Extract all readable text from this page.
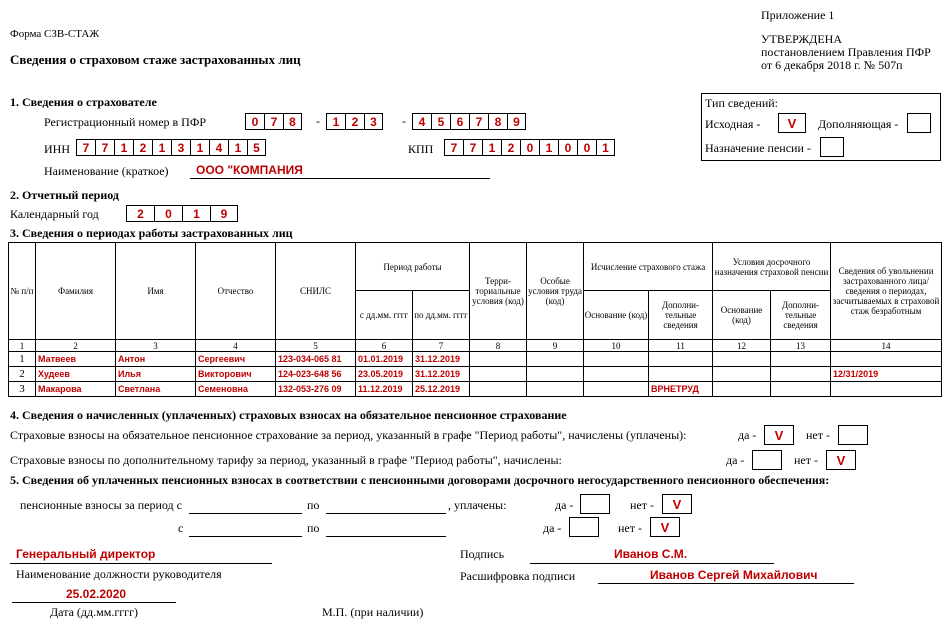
Форма СЗВ-СТАЖ
Сведения о страховом стаже застрахованных лиц
Приложение 1
УТВЕРЖДЕНА
постановлением Правления ПФР
от 6 декабря 2018 г. № 507п
1. Сведения о страхователе
Регистрационный номер в ПФР	0	7 8	-	1	2 3	-	4	5	6	7	8 9
ИНН	7	7	1	2	1	3	1	4	1 5	КПП	7	7	1	2	0	1	0	0 1
Наименование (краткое) ООО "КОМПАНИЯ
Тип сведений:
Исходная -	V	Дополняющая -
Назначение пенсии -
2. Отчетный период
Календарный год	2	0	1	9
3. Сведения о периодах работы застрахованных лиц
№ п/п	Фамилия	Имя	Отчество	СНИЛС	Период работы		Терри-ториальные условия (код)	Особые условия труда (код)	Исчисление страхового стажа		Условия досрочного назначения страховой пенсии		Сведения об увольнении застрахованного лица/ сведения о периодах, засчитываемых в страховой стаж безработным
					с дд.мм. гггг	по дд.мм. гггг			Основание (код)	Дополни-тельные сведения	Основание (код)	Дополни-тельные сведения	
1	2	3	4	5	6	7	8	9	10	11	12	13	14
1	Матвеев	Антон	Сергеевич	123-034-065 81	01.01.2019	31.12.2019							
2	Худеев	Илья	Викторович	124-023-648 56	23.05.2019	31.12.2019							12/31/2019
3	Макарова	Светлана	Семеновна	132-053-276 09	11.12.2019	25.12.2019				ВРНЕТРУД			
4. Сведения о начисленных (уплаченных) страховых взносах на обязательное пенсионное страхование
Страховые взносы на обязательное пенсионное страхование за период, указанный в графе "Период работы", начислены (уплачены):	да -	V	нет -
Страховые взносы по дополнительному тарифу за период, указанный в графе "Период работы", начислены:	да -	нет -	V
5. Сведения об уплаченных пенсионных взносах в соответствии с пенсионными договорами досрочного негосударственного пенсионного обеспечения:
пенсионные взносы за период с	по	, уплачены:	да -	нет -	V
с	по	да -	нет -	V
Генеральный директор
Наименование должности руководителя
25.02.2020
Дата (дд.мм.гггг)	М.П. (при наличии)
Подпись	Иванов С.М.
Расшифровка подписи	Иванов Сергей Михайлович
